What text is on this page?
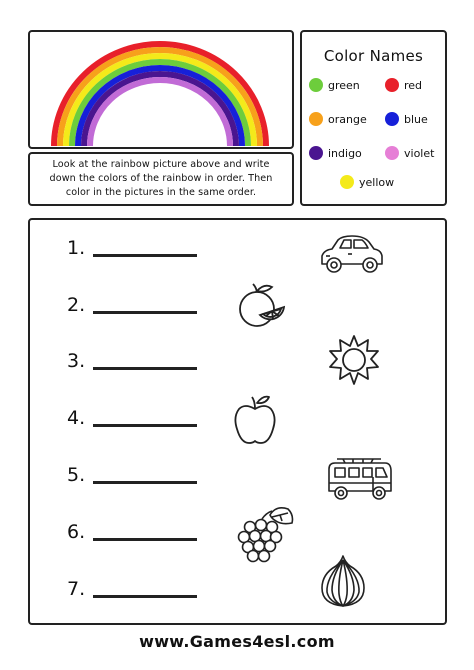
Look at the rainbow picture above and write down the colors of the rainbow in order. Then color in the pictures in the same order.

Color Names
green	red
orange	blue
indigo	violet
yellow
1.
2.
3.
4.
5.
6.
7.
www.Games4esl.com
